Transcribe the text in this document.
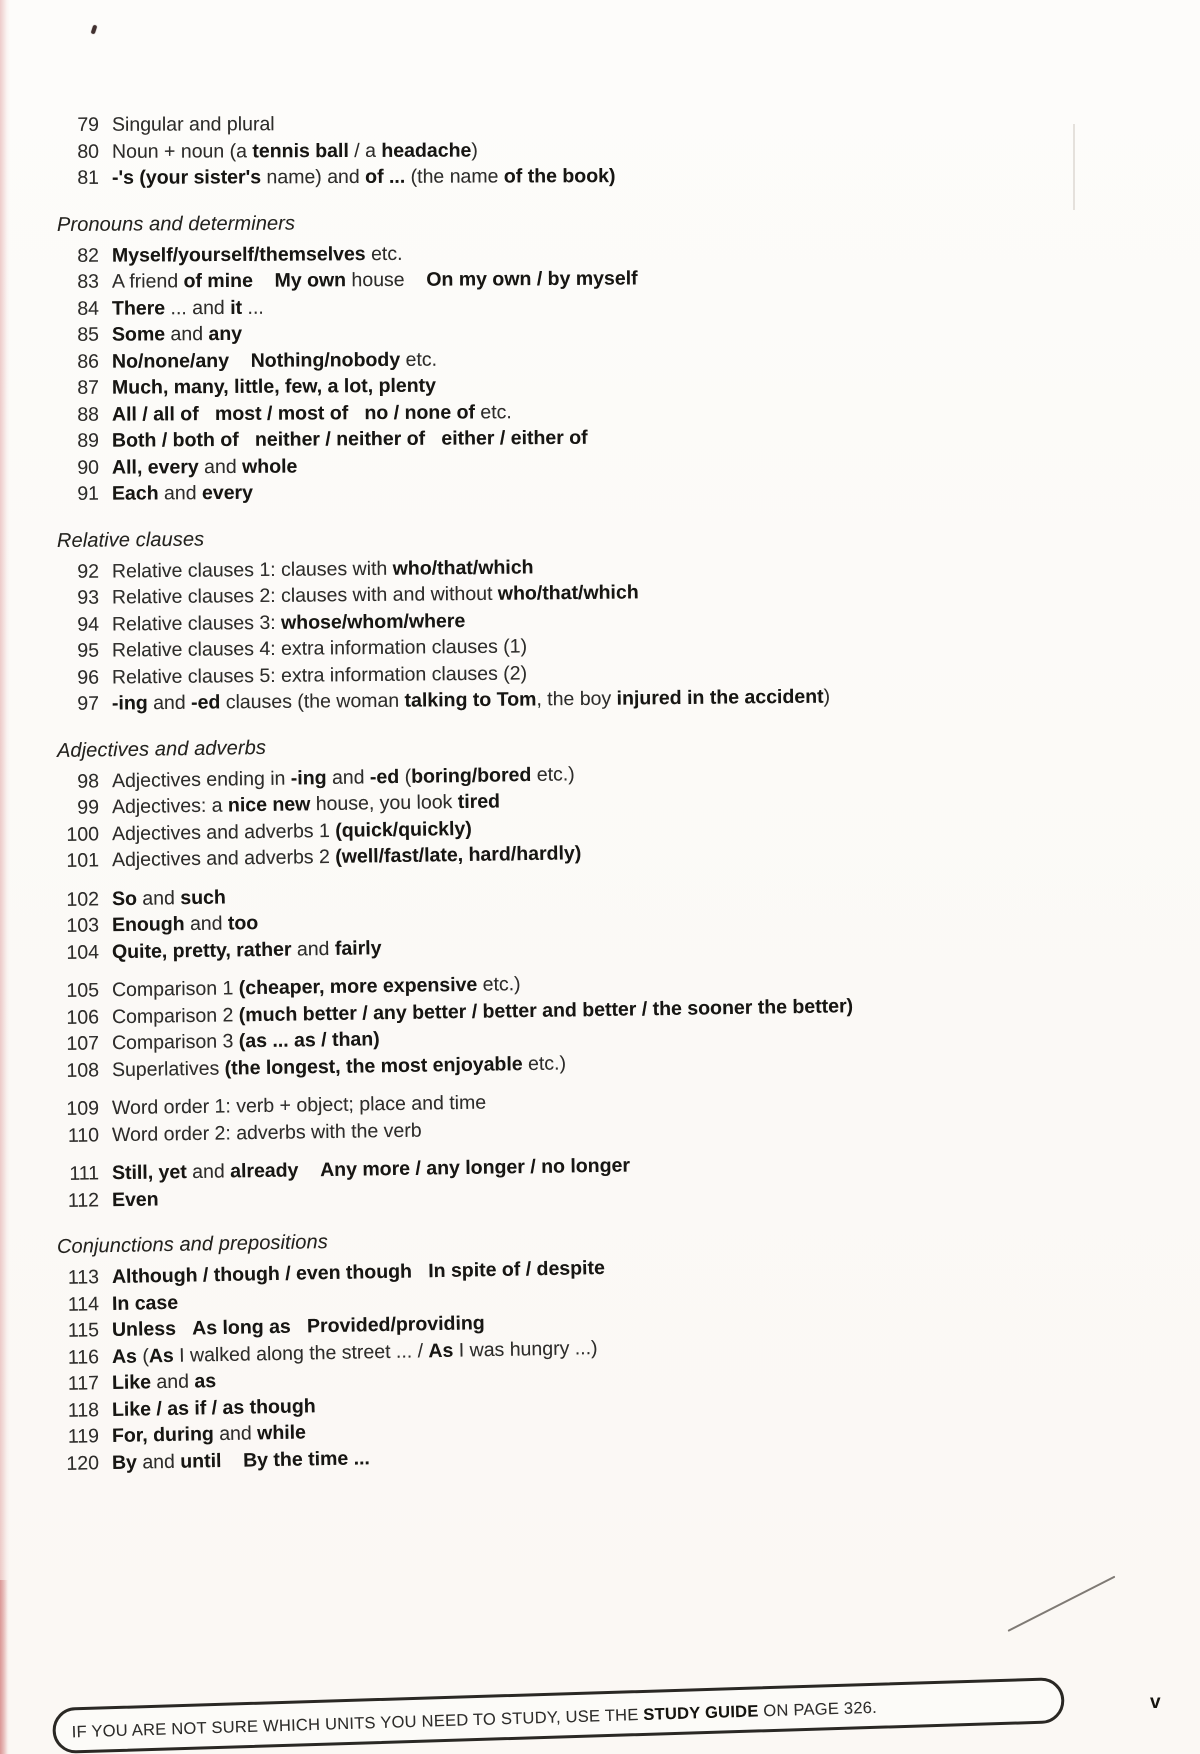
79 Singular and plural
80 Noun + noun (a tennis ball / a headache)
81 -'s (your sister's name) and of ... (the name of the book)
Pronouns and determiners
82 Myself/yourself/themselves etc.
83 A friend of mine My own house On my own / by myself
84 There ... and it ...
85 Some and any
86 No/none/any Nothing/nobody etc.
87 Much, many, little, few, a lot, plenty
88 All / all of most / most of no / none of etc.
89 Both / both of neither / neither of either / either of
90 All, every and whole
91 Each and every
Relative clauses
92 Relative clauses 1: clauses with who/that/which
93 Relative clauses 2: clauses with and without who/that/which
94 Relative clauses 3: whose/whom/where
95 Relative clauses 4: extra information clauses (1)
96 Relative clauses 5: extra information clauses (2)
97 -ing and -ed clauses (the woman talking to Tom, the boy injured in the accident)
Adjectives and adverbs
98 Adjectives ending in -ing and -ed (boring/bored etc.)
99 Adjectives: a nice new house, you look tired
100 Adjectives and adverbs 1 (quick/quickly)
101 Adjectives and adverbs 2 (well/fast/late, hard/hardly)
102 So and such
103 Enough and too
104 Quite, pretty, rather and fairly
105 Comparison 1 (cheaper, more expensive etc.)
106 Comparison 2 (much better / any better / better and better / the sooner the better)
107 Comparison 3 (as ... as / than)
108 Superlatives (the longest, the most enjoyable etc.)
109 Word order 1: verb + object; place and time
110 Word order 2: adverbs with the verb
111 Still, yet and already Any more / any longer / no longer
112 Even
Conjunctions and prepositions
113 Although / though / even though In spite of / despite
114 In case
115 Unless As long as Provided/providing
116 As (As I walked along the street ... / As I was hungry ...)
117 Like and as
118 Like / as if / as though
119 For, during and while
120 By and until By the time ...
IF YOU ARE NOT SURE WHICH UNITS YOU NEED TO STUDY, USE THE STUDY GUIDE ON PAGE 326.	v
